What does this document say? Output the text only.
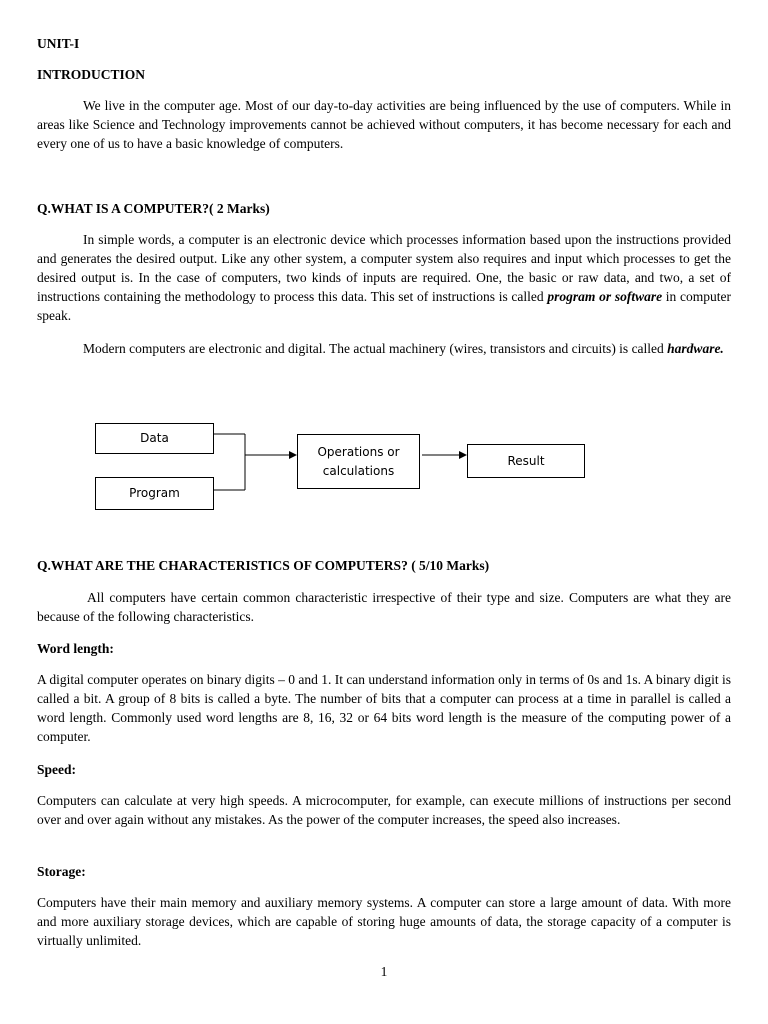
UNIT-I
INTRODUCTION
We live in the computer age. Most of our day-to-day activities are being influenced by the use of computers. While in areas like Science and Technology improvements cannot be achieved without computers, it has become necessary for each and every one of us to have a basic knowledge of computers.
Q.WHAT IS A COMPUTER?( 2 Marks)
In simple words, a computer is an electronic device which processes information based upon the instructions provided and generates the desired output. Like any other system, a computer system also requires and input which processes to get the desired output is. In the case of computers, two kinds of inputs are required. One, the basic or raw data, and two, a set of instructions containing the methodology to process this data. This set of instructions is called program or software in computer speak.
Modern computers are electronic and digital. The actual machinery (wires, transistors and circuits) is called hardware.
Q.WHAT ARE THE CHARACTERISTICS OF COMPUTERS? ( 5/10 Marks)
All computers have certain common characteristic irrespective of their type and size. Computers are what they are because of the following characteristics.
Word length:
A digital computer operates on binary digits – 0 and 1. It can understand information only in terms of 0s and 1s. A binary digit is called a bit. A group of 8 bits is called a byte. The number of bits that a computer can process at a time in parallel is called a word length. Commonly used word lengths are 8, 16, 32 or 64 bits word length is the measure of the computing power of a computer.
Speed:
Computers can calculate at very high speeds. A microcomputer, for example, can execute millions of instructions per second over and over again without any mistakes. As the power of the computer increases, the speed also increases.
Storage:
Computers have their main memory and auxiliary memory systems. A computer can store a large amount of data. With more and more auxiliary storage devices, which are capable of storing huge amounts of data, the storage capacity of a computer is virtually unlimited.
Data
Program
Operations or
calculations
Result
1
